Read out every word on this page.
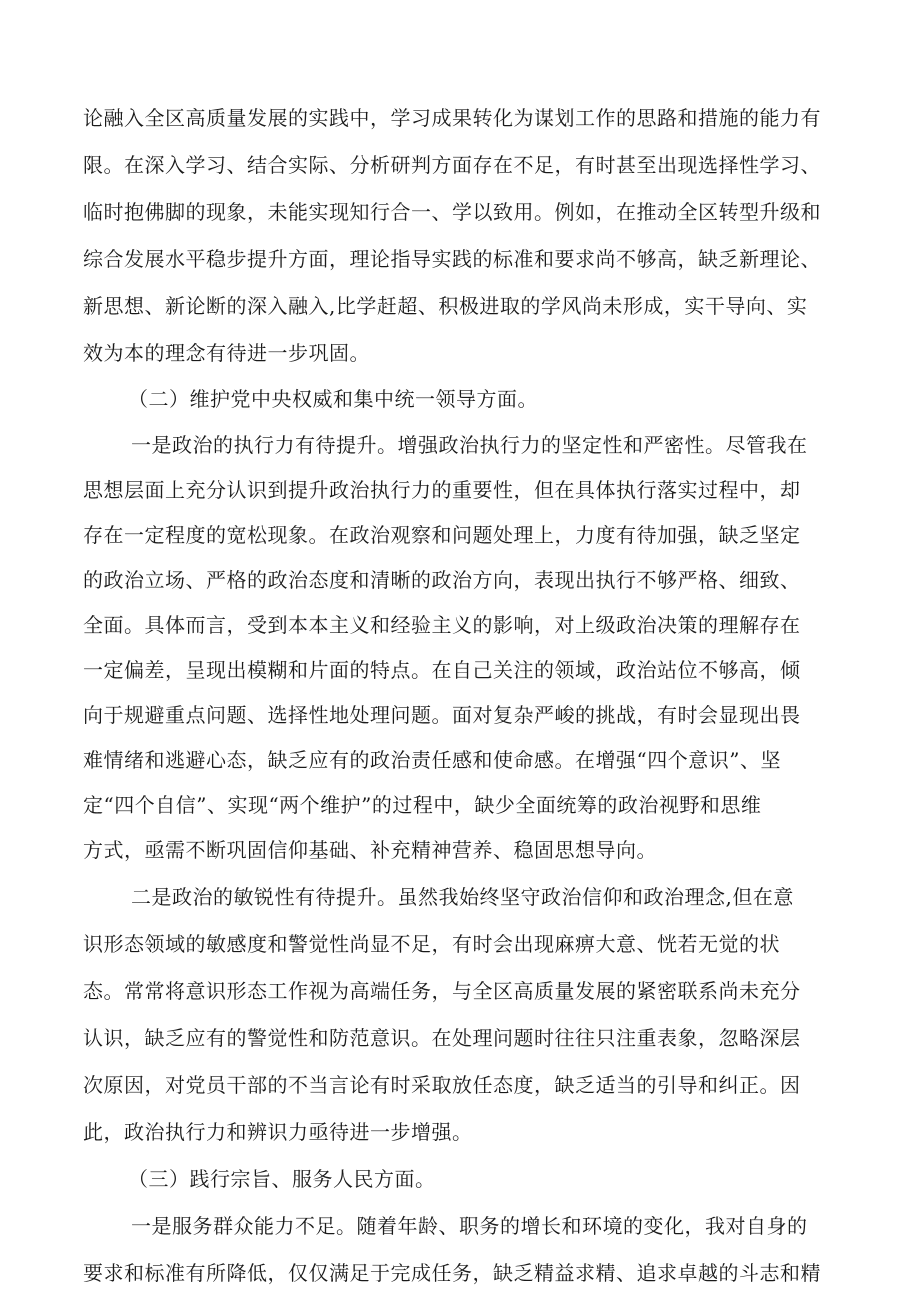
论融入全区高质量发展的实践中，学习成果转化为谋划工作的思路和措施的能力有

限。在深入学习、结合实际、分析研判方面存在不足，有时甚至出现选择性学习、

临时抱佛脚的现象，未能实现知行合一、学以致用。例如，在推动全区转型升级和

综合发展水平稳步提升方面，理论指导实践的标准和要求尚不够高，缺乏新理论、

新思想、新论断的深入融入,比学赶超、积极进取的学风尚未形成，实干导向、实

效为本的理念有待进一步巩固。

（二）维护党中央权威和集中统一领导方面。

一是政治的执行力有待提升。增强政治执行力的坚定性和严密性。尽管我在

思想层面上充分认识到提升政治执行力的重要性，但在具体执行落实过程中，却

存在一定程度的宽松现象。在政治观察和问题处理上，力度有待加强，缺乏坚定

的政治立场、严格的政治态度和清晰的政治方向，表现出执行不够严格、细致、

全面。具体而言，受到本本主义和经验主义的影响，对上级政治决策的理解存在

一定偏差，呈现出模糊和片面的特点。在自己关注的领域，政治站位不够高，倾

向于规避重点问题、选择性地处理问题。面对复杂严峻的挑战，有时会显现出畏

难情绪和逃避心态，缺乏应有的政治责任感和使命感。在增强“四个意识”、坚

定“四个自信”、实现“两个维护”的过程中，缺少全面统筹的政治视野和思维

方式，亟需不断巩固信仰基础、补充精神营养、稳固思想导向。

二是政治的敏锐性有待提升。虽然我始终坚守政治信仰和政治理念,但在意

识形态领域的敏感度和警觉性尚显不足，有时会出现麻痹大意、恍若无觉的状

态。常常将意识形态工作视为高端任务，与全区高质量发展的紧密联系尚未充分

认识，缺乏应有的警觉性和防范意识。在处理问题时往往只注重表象，忽略深层

次原因，对党员干部的不当言论有时采取放任态度，缺乏适当的引导和纠正。因

此，政治执行力和辨识力亟待进一步增强。

（三）践行宗旨、服务人民方面。

一是服务群众能力不足。随着年龄、职务的增长和环境的变化，我对自身的

要求和标准有所降低，仅仅满足于完成任务，缺乏精益求精、追求卓越的斗志和精
